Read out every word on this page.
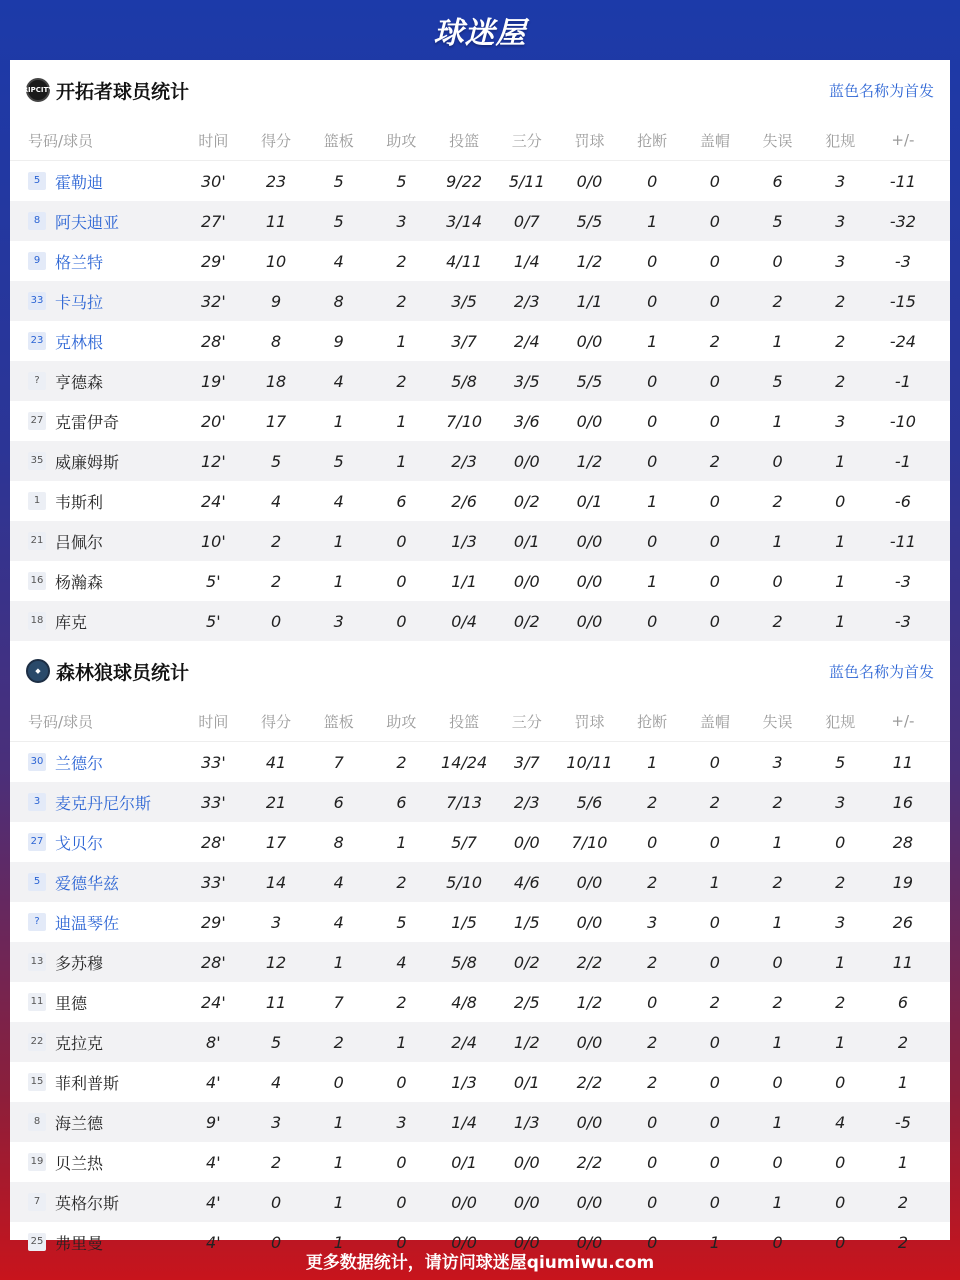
球迷屋
RIPCITY 开拓者球员统计	蓝色名称为首发
号码/球员	时间	得分	篮板	助攻	投篮	三分	罚球	抢断	盖帽	失误	犯规	+/-
5 霍勒迪	30'	23	5	5	9/22	5/11	0/0	0	0	6	3	-11
8 阿夫迪亚	27'	11	5	3	3/14	0/7	5/5	1	0	5	3	-32
9 格兰特	29'	10	4	2	4/11	1/4	1/2	0	0	0	3	-3
33 卡马拉	32'	9	8	2	3/5	2/3	1/1	0	0	2	2	-15
23 克林根	28'	8	9	1	3/7	2/4	0/0	1	2	1	2	-24
? 亨德森	19'	18	4	2	5/8	3/5	5/5	0	0	5	2	-1
27 克雷伊奇	20'	17	1	1	7/10	3/6	0/0	0	0	1	3	-10
35 威廉姆斯	12'	5	5	1	2/3	0/0	1/2	0	2	0	1	-1
1 韦斯利	24'	4	4	6	2/6	0/2	0/1	1	0	2	0	-6
21 吕佩尔	10'	2	1	0	1/3	0/1	0/0	0	0	1	1	-11
16 杨瀚森	5'	2	1	0	1/1	0/0	0/0	1	0	0	1	-3
18 库克	5'	0	3	0	0/4	0/2	0/0	0	0	2	1	-3
◆ 森林狼球员统计	蓝色名称为首发
号码/球员	时间	得分	篮板	助攻	投篮	三分	罚球	抢断	盖帽	失误	犯规	+/-
30 兰德尔	33'	41	7	2	14/24	3/7	10/11	1	0	3	5	11
3 麦克丹尼尔斯	33'	21	6	6	7/13	2/3	5/6	2	2	2	3	16
27 戈贝尔	28'	17	8	1	5/7	0/0	7/10	0	0	1	0	28
5 爱德华兹	33'	14	4	2	5/10	4/6	0/0	2	1	2	2	19
? 迪温琴佐	29'	3	4	5	1/5	1/5	0/0	3	0	1	3	26
13 多苏穆	28'	12	1	4	5/8	0/2	2/2	2	0	0	1	11
11 里德	24'	11	7	2	4/8	2/5	1/2	0	2	2	2	6
22 克拉克	8'	5	2	1	2/4	1/2	0/0	2	0	1	1	2
15 菲利普斯	4'	4	0	0	1/3	0/1	2/2	2	0	0	0	1
8 海兰德	9'	3	1	3	1/4	1/3	0/0	0	0	1	4	-5
19 贝兰热	4'	2	1	0	0/1	0/0	2/2	0	0	0	0	1
7 英格尔斯	4'	0	1	0	0/0	0/0	0/0	0	0	1	0	2
25 弗里曼	4'	0	1	0	0/0	0/0	0/0	0	1	0	0	2
更多数据统计，请访问球迷屋qiumiwu.com
